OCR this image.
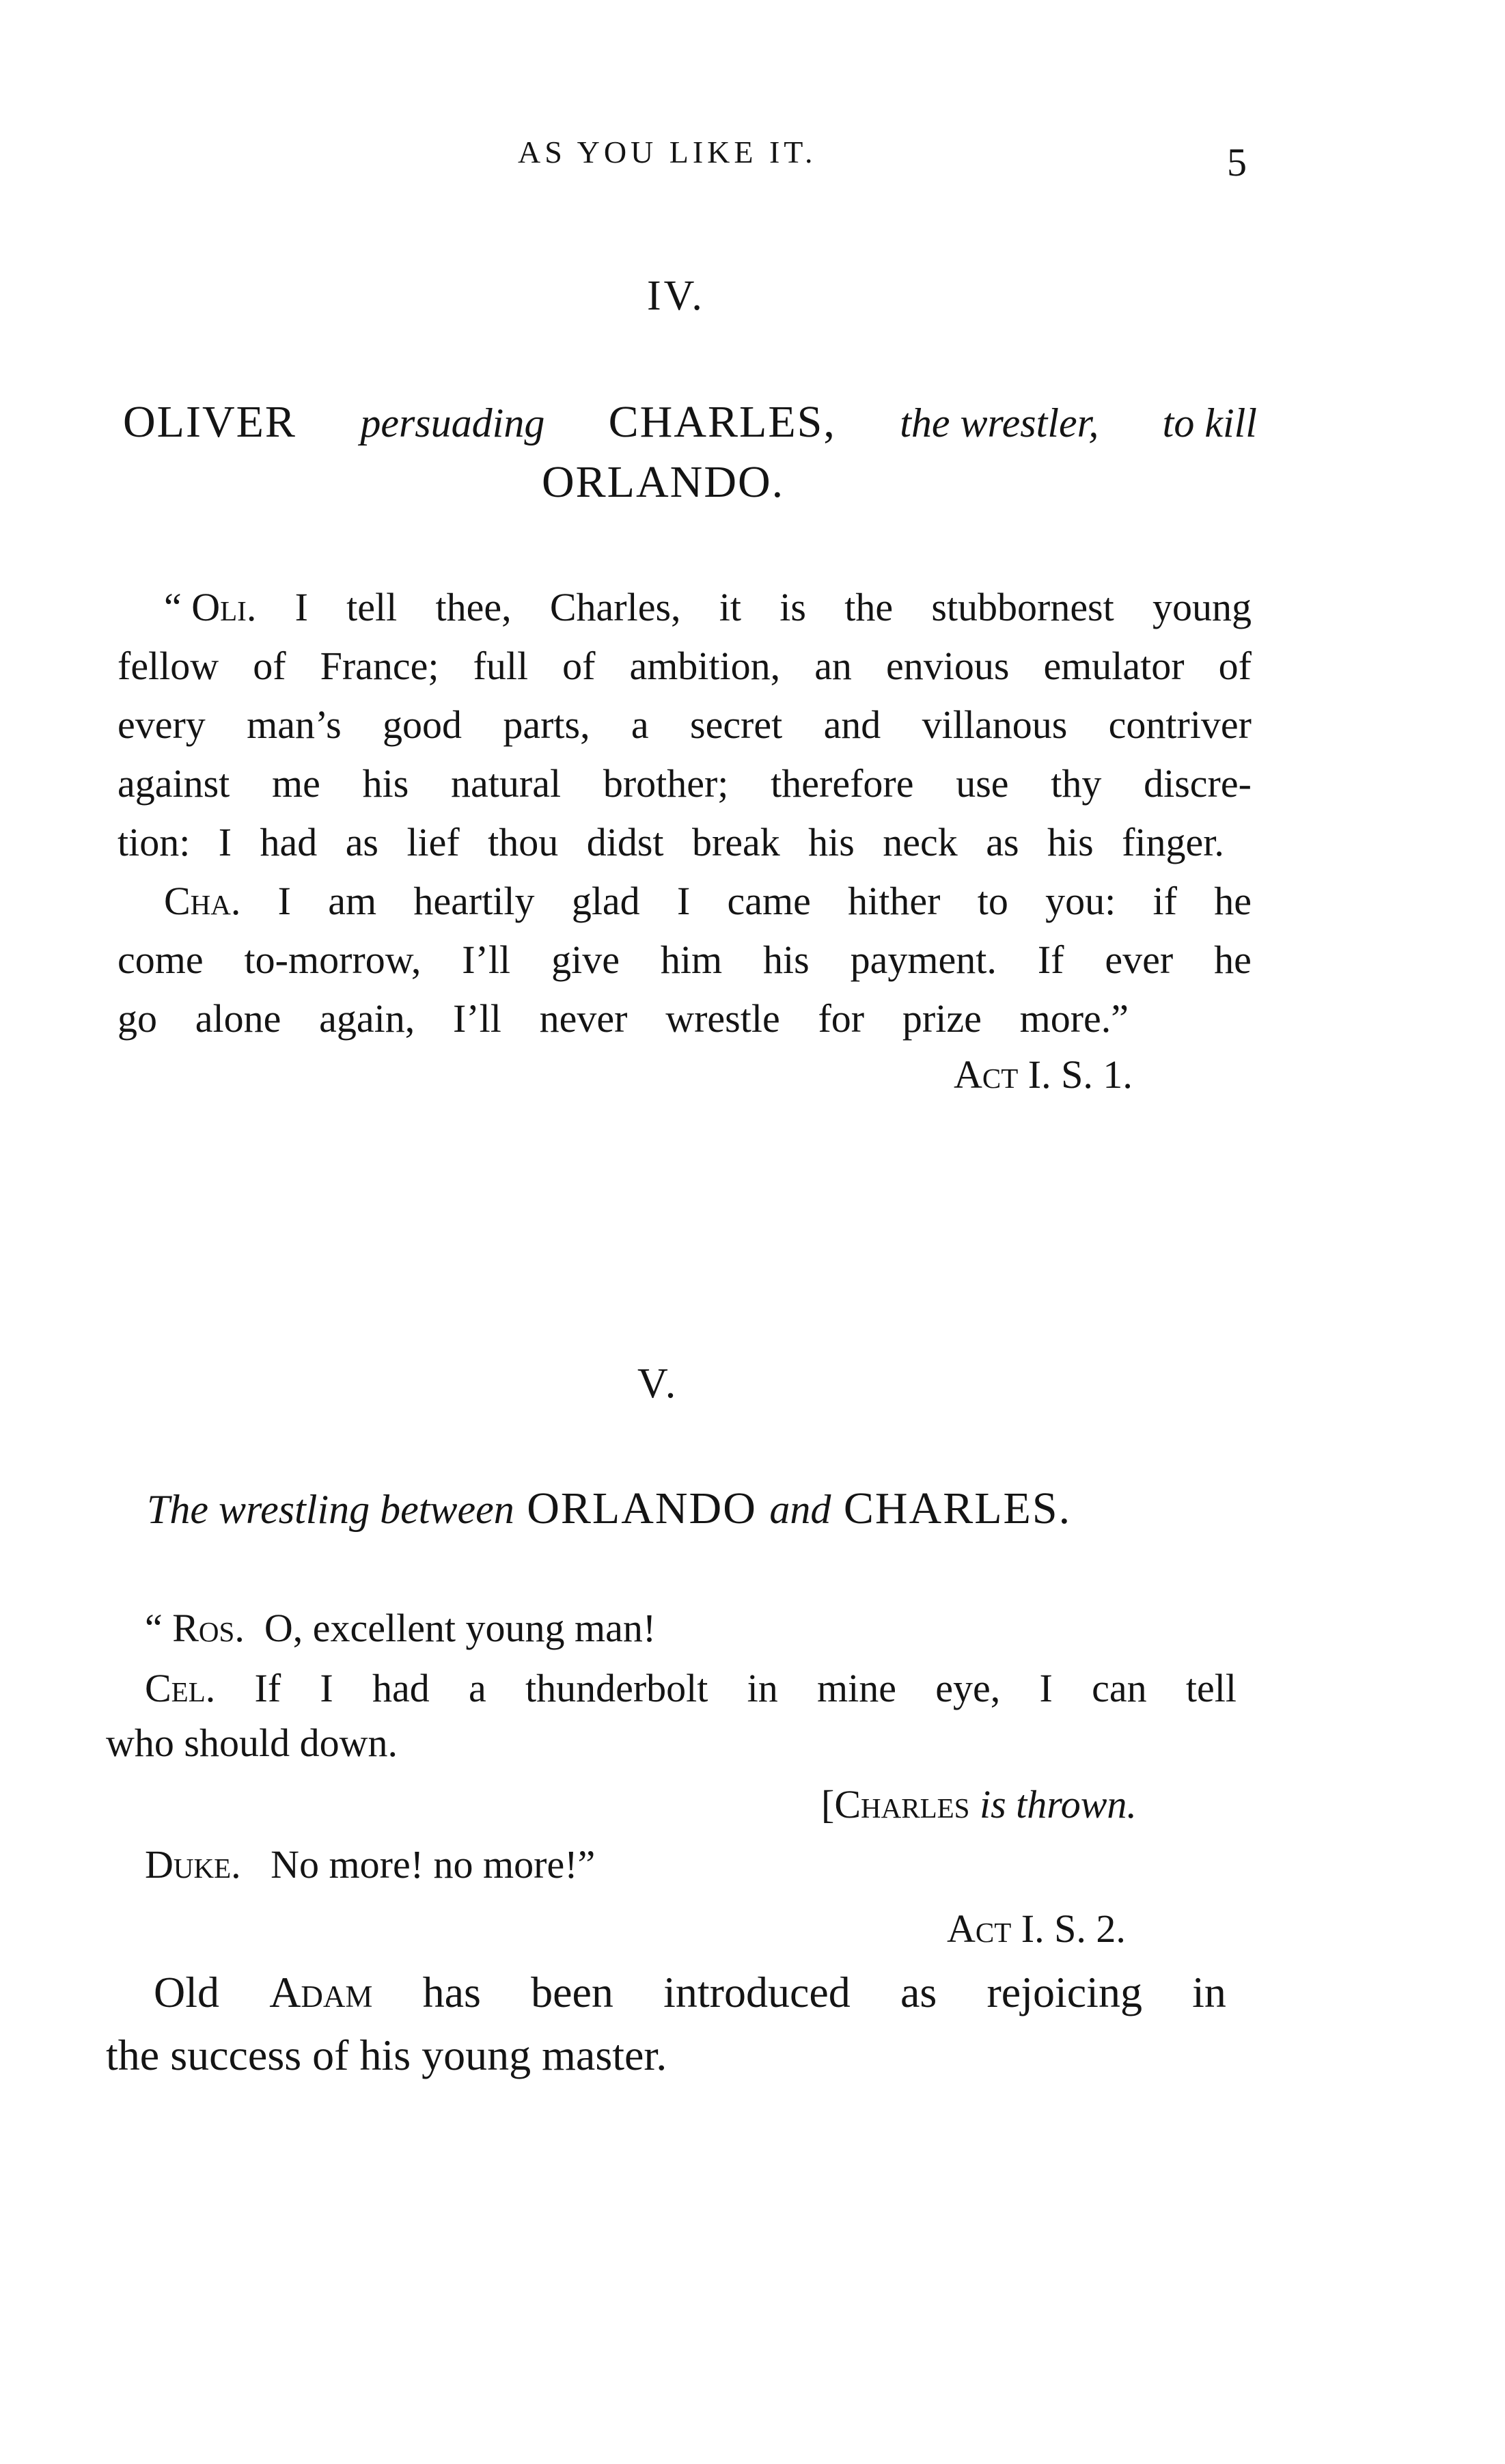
AS YOU LIKE IT.	5
IV.
OLIVER persuading CHARLES, the wrestler, to kill
ORLANDO.
“ Oli. I tell thee, Charles, it is the stubbornest young
fellow of France; full of ambition, an envious emulator of
every man’s good parts, a secret and villanous contriver
against me his natural brother; therefore use thy discre-
tion: I had as lief thou didst break his neck as his finger.
Cha. I am heartily glad I came hither to you: if he
come to-morrow, I’ll give him his payment. If ever he
go alone again, I’ll never wrestle for prize more.”
Act I. S. 1.
V.
The wrestling between ORLANDO and CHARLES.
“ Ros. O, excellent young man!
Cel. If I had a thunderbolt in mine eye, I can tell
who should down.
[Charles is thrown.
Duke. No more! no more!”
Act I. S. 2.
Old Adam has been introduced as rejoicing in
the success of his young master.
